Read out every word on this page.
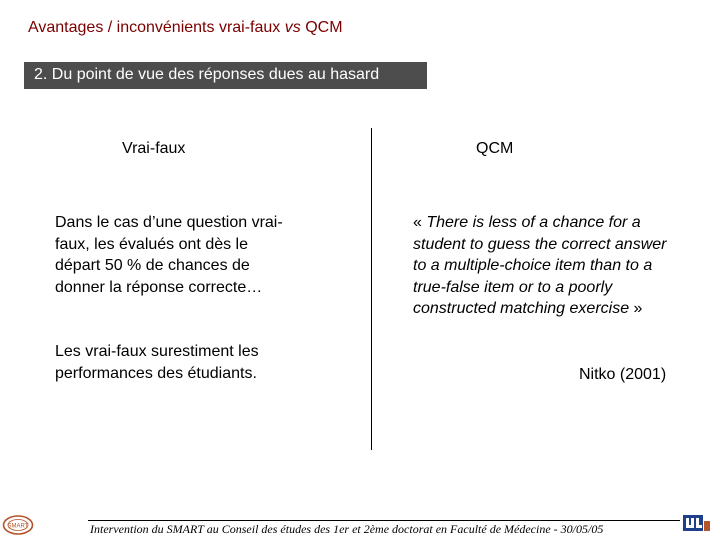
Avantages / inconvénients vrai-faux vs QCM
2. Du point de vue des réponses dues au hasard
Vrai-faux	QCM
Dans le cas d’une question vrai-faux, les évalués ont dès le départ 50 % de chances de donner la réponse correcte…
Les vrai-faux surestiment les performances des étudiants.
« There is less of a chance for a student to guess the correct answer to a multiple-choice item than to a true-false item or to a poorly constructed matching exercise »
Nitko (2001)
Intervention du SMART au Conseil des études des 1er et 2ème doctorat en Faculté de Médecine - 30/05/05
SMART
